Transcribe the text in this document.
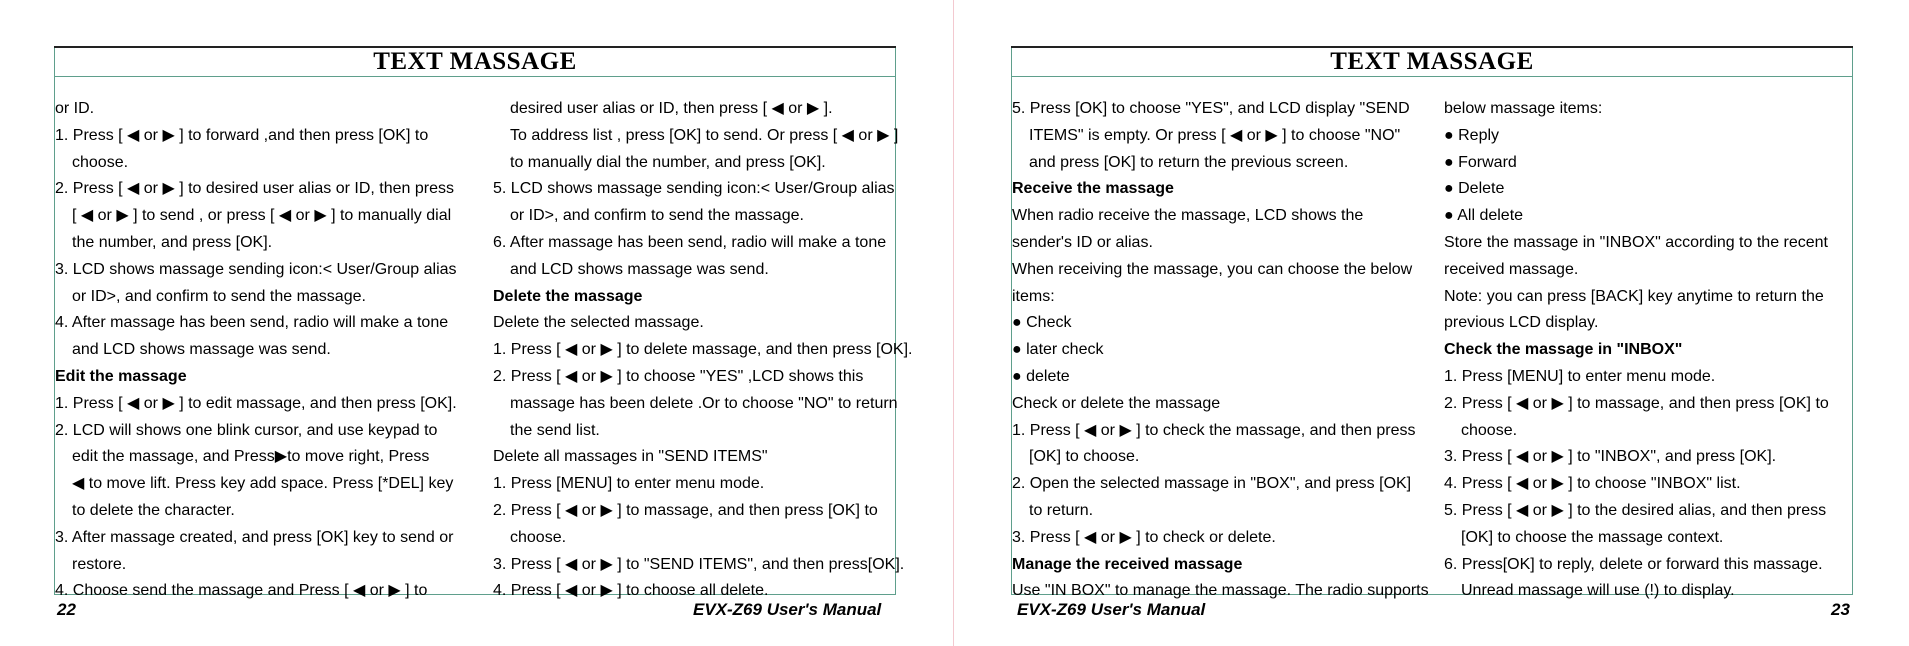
TEXT MASSAGE
or ID.
1. Press [ ◀ or ▶ ] to forward ,and then press [OK] to
choose.
2. Press [ ◀ or ▶ ] to desired user alias or ID, then press
[ ◀ or ▶ ] to send , or press [ ◀ or ▶ ] to manually dial
the number, and press [OK].
3. LCD shows massage sending icon:< User/Group alias
or ID>, and confirm to send the massage.
4. After massage has been send, radio will make a tone
and LCD shows massage was send.
Edit the massage
1. Press [ ◀ or ▶ ] to edit massage, and then press [OK].
2. LCD will shows one blink cursor, and use keypad to
edit the massage, and Press▶to move right, Press
◀ to move lift. Press key add space. Press [*DEL] key
to delete the character.
3. After massage created, and press [OK] key to send or
restore.
4. Choose send the massage and Press [ ◀ or ▶ ] to
desired user alias or ID, then press [ ◀ or ▶ ].
To address list , press [OK] to send. Or press [ ◀ or ▶ ]
to manually dial the number, and press [OK].
5. LCD shows massage sending icon:< User/Group alias
or ID>, and confirm to send the massage.
6. After massage has been send, radio will make a tone
and LCD shows massage was send.
Delete the massage
Delete the selected massage.
1. Press [ ◀ or ▶ ] to delete massage, and then press [OK].
2. Press [ ◀ or ▶ ] to choose "YES" ,LCD shows this
massage has been delete .Or to choose "NO" to return
the send list.
Delete all massages in "SEND ITEMS"
1. Press [MENU] to enter menu mode.
2. Press [ ◀ or ▶ ] to massage, and then press [OK] to
choose.
3. Press [ ◀ or ▶ ] to "SEND ITEMS", and then press[OK].
4. Press [ ◀ or ▶ ] to choose all delete.
22	EVX-Z69 User's Manual
TEXT MASSAGE
5. Press [OK] to choose "YES", and LCD display "SEND
ITEMS" is empty. Or press [ ◀ or ▶ ] to choose "NO"
and press [OK] to return the previous screen.
Receive the massage
When radio receive the massage, LCD shows the
sender's ID or alias.
When receiving the massage, you can choose the below
items:
● Check
● later check
● delete
Check or delete the massage
1. Press [ ◀ or ▶ ] to check the massage, and then press
[OK] to choose.
2. Open the selected massage in "BOX", and press [OK]
to return.
3. Press [ ◀ or ▶ ] to check or delete.
Manage the received massage
Use "IN BOX" to manage the massage. The radio supports
below massage items:
● Reply
● Forward
● Delete
● All delete
Store the massage in "INBOX" according to the recent
received massage.
Note: you can press [BACK] key anytime to return the
previous LCD display.
Check the massage in "INBOX"
1. Press [MENU] to enter menu mode.
2. Press [ ◀ or ▶ ] to massage, and then press [OK] to
choose.
3. Press [ ◀ or ▶ ] to "INBOX", and press [OK].
4. Press [ ◀ or ▶ ] to choose "INBOX" list.
5. Press [ ◀ or ▶ ] to the desired alias, and then press
[OK] to choose the massage context.
6. Press[OK] to reply, delete or forward this massage.
Unread massage will use (!) to display.
EVX-Z69 User's Manual	23
